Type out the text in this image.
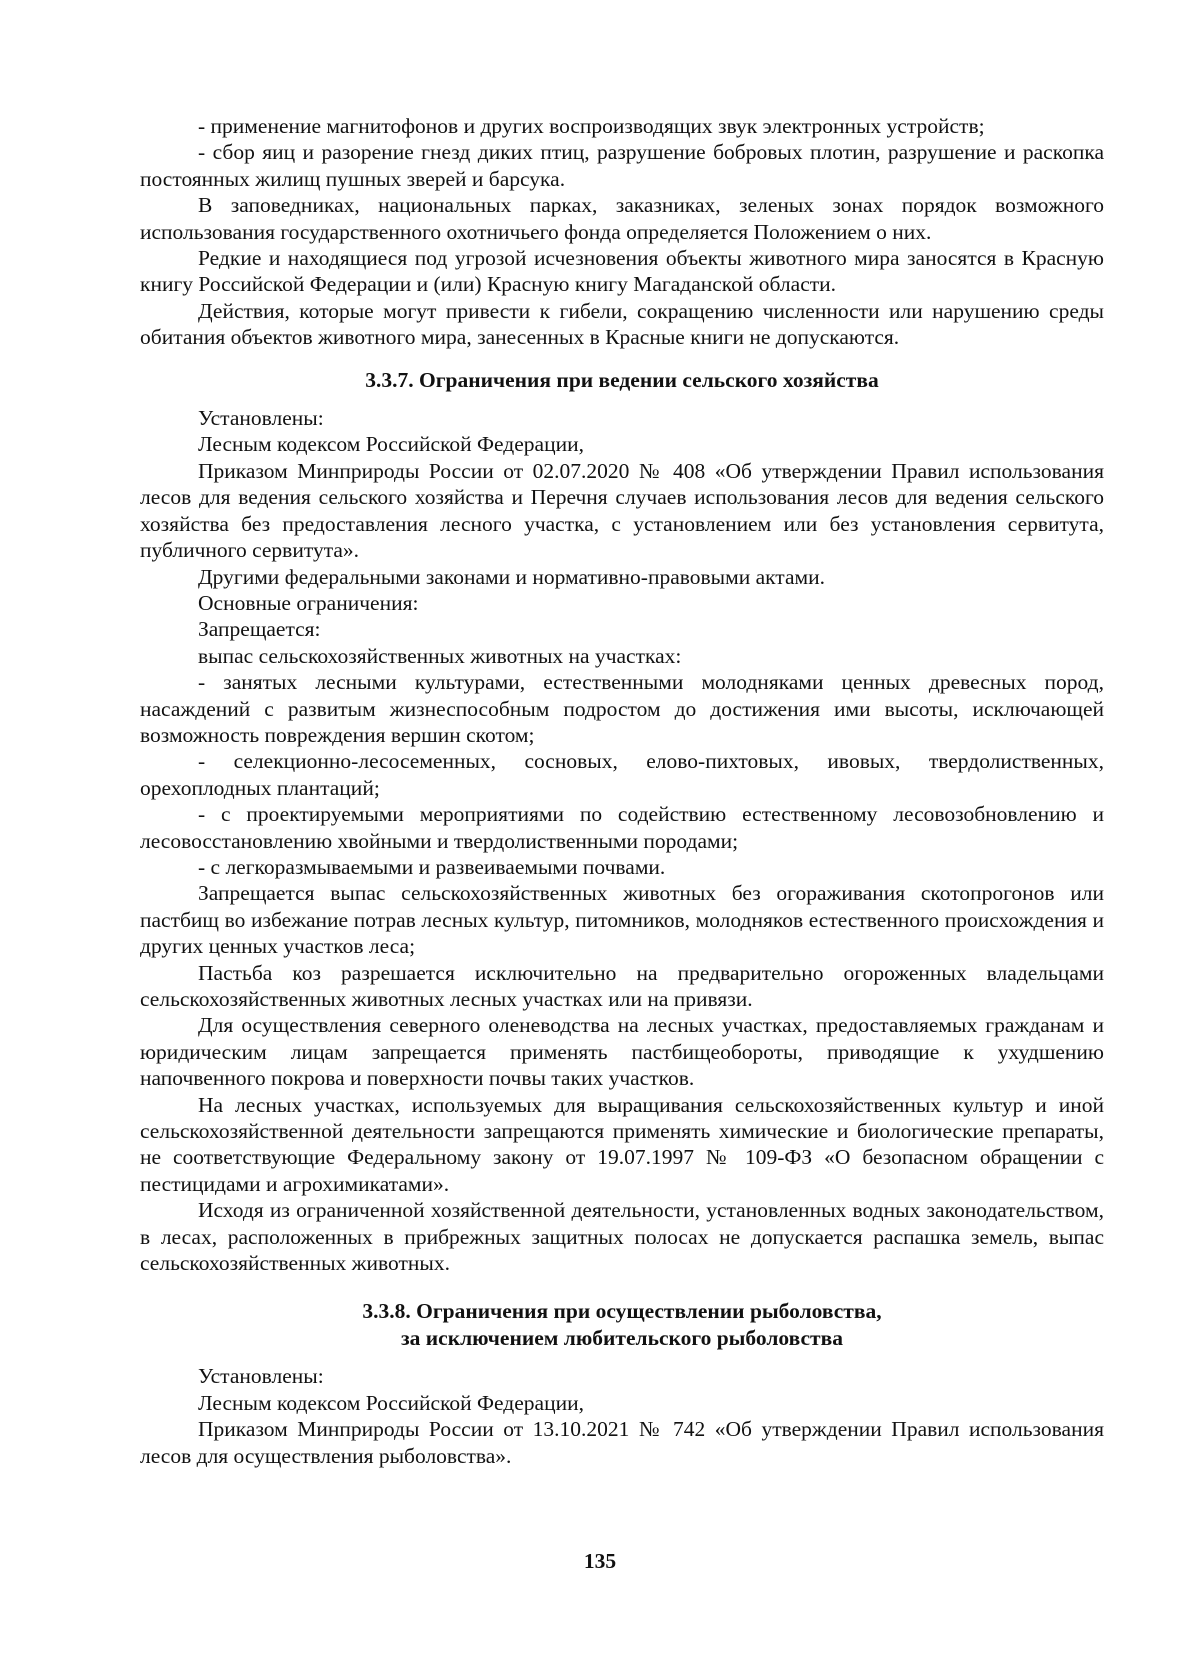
- применение магнитофонов и других воспроизводящих звук электронных устройств;

- сбор яиц и разорение гнезд диких птиц, разрушение бобровых плотин, разрушение и раскопка постоянных жилищ пушных зверей и барсука.

В заповедниках, национальных парках, заказниках, зеленых зонах порядок возможного использования государственного охотничьего фонда определяется Положением о них.

Редкие и находящиеся под угрозой исчезновения объекты животного мира заносятся в Красную книгу Российской Федерации и (или) Красную книгу Магаданской области.

Действия, которые могут привести к гибели, сокращению численности или нарушению среды обитания объектов животного мира, занесенных в Красные книги не допускаются.

3.3.7. Ограничения при ведении сельского хозяйства

Установлены:

Лесным кодексом Российской Федерации,

Приказом Минприроды России от 02.07.2020 № 408 «Об утверждении Правил использования лесов для ведения сельского хозяйства и Перечня случаев использования лесов для ведения сельского хозяйства без предоставления лесного участка, с установлением или без установления сервитута, публичного сервитута».

Другими федеральными законами и нормативно-правовыми актами.

Основные ограничения:

Запрещается:

выпас сельскохозяйственных животных на участках:

- занятых лесными культурами, естественными молодняками ценных древесных пород, насаждений с развитым жизнеспособным подростом до достижения ими высоты, исключающей возможность повреждения вершин скотом;

- селекционно-лесосеменных, сосновых, елово-пихтовых, ивовых, твердолиственных, орехоплодных плантаций;

- с проектируемыми мероприятиями по содействию естественному лесовозобновлению и лесовосстановлению хвойными и твердолиственными породами;

- с легкоразмываемыми и развеиваемыми почвами.

Запрещается выпас сельскохозяйственных животных без огораживания скотопрогонов или пастбищ во избежание потрав лесных культур, питомников, молодняков естественного происхождения и других ценных участков леса;

Пастьба коз разрешается исключительно на предварительно огороженных владельцами сельскохозяйственных животных лесных участках или на привязи.

Для осуществления северного оленеводства на лесных участках, предоставляемых гражданам и юридическим лицам запрещается применять пастбищеобороты, приводящие к ухудшению напочвенного покрова и поверхности почвы таких участков.

На лесных участках, используемых для выращивания сельскохозяйственных культур и иной сельскохозяйственной деятельности запрещаются применять химические и биологические препараты, не соответствующие Федеральному закону от 19.07.1997 № 109-ФЗ «О безопасном обращении с пестицидами и агрохимикатами».

Исходя из ограниченной хозяйственной деятельности, установленных водных законодательством, в лесах, расположенных в прибрежных защитных полосах не допускается распашка земель, выпас сельскохозяйственных животных.

3.3.8. Ограничения при осуществлении рыболовства,

за исключением любительского рыболовства

Установлены:

Лесным кодексом Российской Федерации,

Приказом Минприроды России от 13.10.2021 № 742 «Об утверждении Правил использования лесов для осуществления рыболовства».

135
